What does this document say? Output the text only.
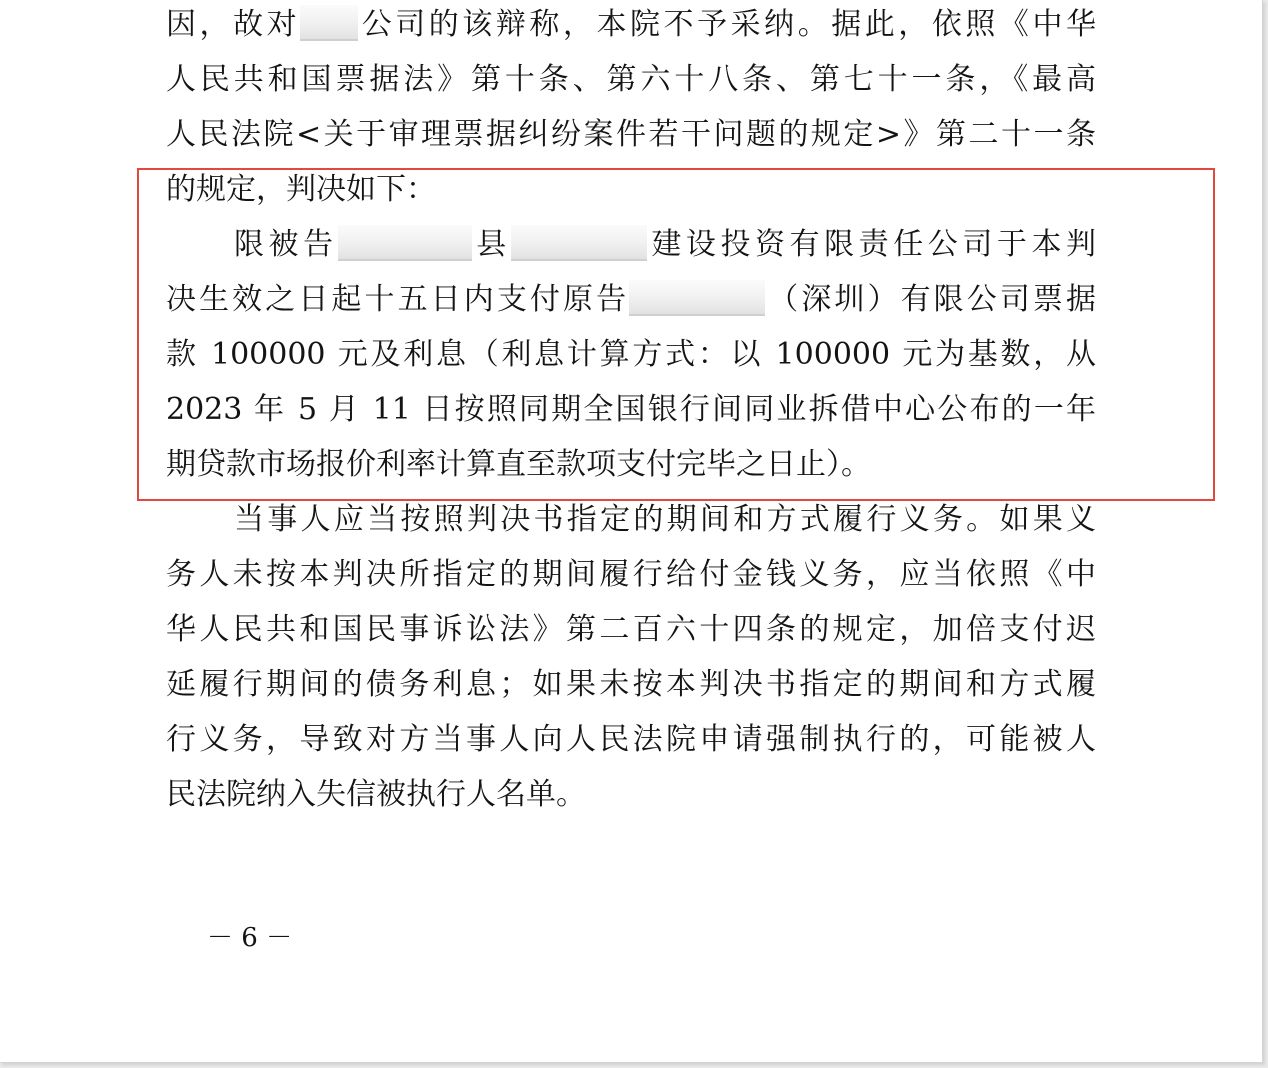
因，故对 公司的该辩称，本院不予采纳。据此，依照《中华
人民共和国票据法》第十条、第六十八条、第七十一条，《最高
人民法院<关于审理票据纠纷案件若干问题的规定>》第二十一条
的规定，判决如下：
限被告	县	建设投资有限责任公司于本判
决生效之日起十五日内支付原告	（深圳）有限公司票据
款 100000 元及利息（利息计算方式：以 100000 元为基数，从
2023 年 5 月 11 日按照同期全国银行间同业拆借中心公布的一年
期贷款市场报价利率计算直至款项支付完毕之日止）。
当事人应当按照判决书指定的期间和方式履行义务。如果义
务人未按本判决所指定的期间履行给付金钱义务，应当依照《中
华人民共和国民事诉讼法》第二百六十四条的规定，加倍支付迟
延履行期间的债务利息；如果未按本判决书指定的期间和方式履
行义务，导致对方当事人向人民法院申请强制执行的，可能被人
民法院纳入失信被执行人名单。
－ 6 －
